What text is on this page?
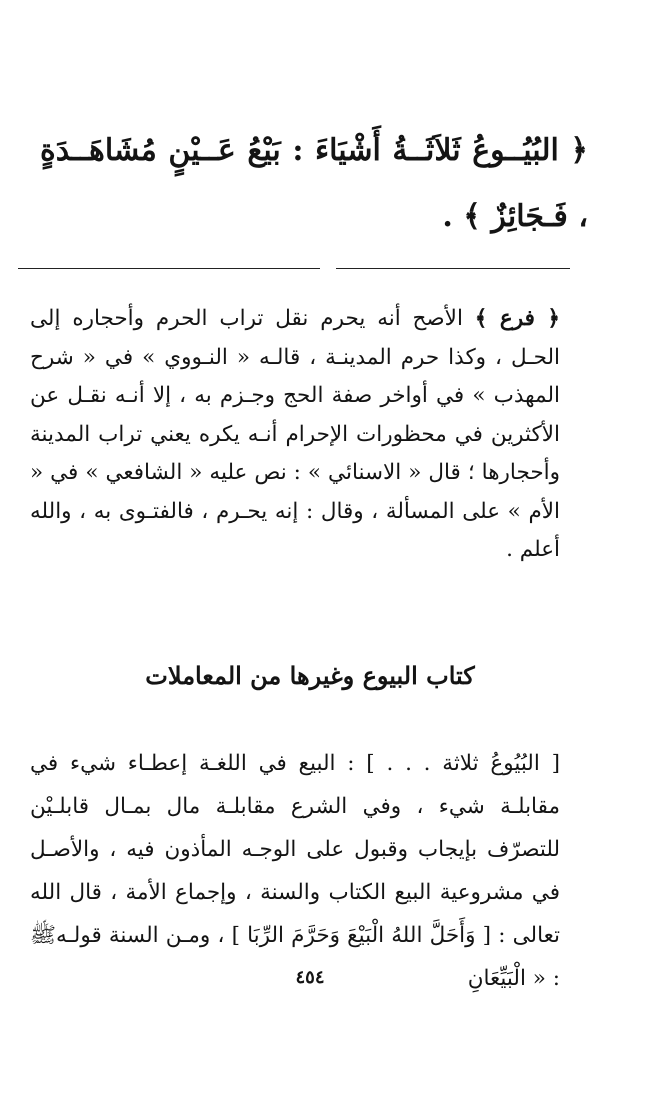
﴿ البُيُــوعُ ثَلاَثَــةُ أَشْيَاءَ : بَيْعُ عَــيْنٍ مُشَاهَــدَةٍ ، فَـجَائِزٌ ﴾ .
﴿ فرع ﴾ الأصح أنه يحرم نقل تراب الحرم وأحجاره إلى الحـل ، وكذا حرم المدينـة ، قالـه « النـووي » في « شرح المهذب » في أواخر صفة الحج وجـزم به ، إلا أنـه نقـل عن الأكثرين في محظورات الإحرام أنـه يكره يعني تراب المدينة وأحجارها ؛ قال « الاسنائي » : نص عليه « الشافعي » في « الأم » على المسألة ، وقال : إنه يحـرم ، فالفتـوى به ، والله أعلم .
كتاب البيوع وغيرها من المعاملات
[ البُيُوعُ ثلاثة . . . ] : البيع في اللغـة إعطـاء شيء في مقابلـة شيء ، وفي الشرع مقابلـة مال بمـال قابلـيْن للتصرّف بإيجاب وقبول على الوجـه المأذون فيه ، والأصـل في مشروعية البيع الكتاب والسنة ، وإجماع الأمة ، قال الله تعالى : [ وَأَحَلَّ اللهُ الْبَيْعَ وَحَرَّمَ الرِّبَا ] ، ومـن السنة قولـهﷺ : « الْبَيِّعَانِ
٤٥٤
